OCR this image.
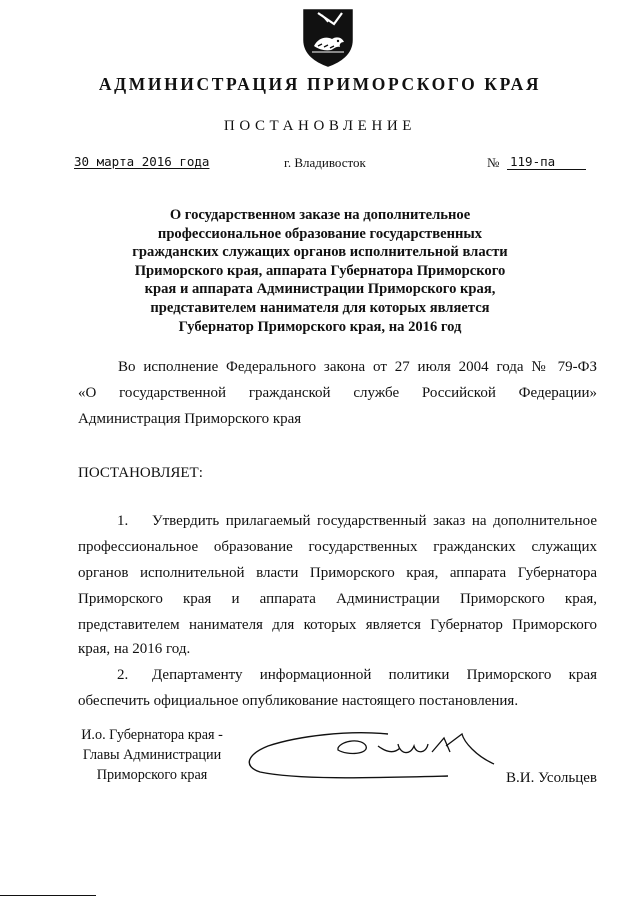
АДМИНИСТРАЦИЯ ПРИМОРСКОГО КРАЯ
ПОСТАНОВЛЕНИЕ
30 марта 2016 года	г. Владивосток	№ 119-па
О государственном заказе на дополнительное
профессиональное образование государственных
гражданских служащих органов исполнительной власти
Приморского края, аппарата Губернатора Приморского
края и аппарата Администрации Приморского края,
представителем нанимателя для которых является
Губернатор Приморского края, на 2016 год
Во исполнение Федерального закона от 27 июля 2004 года № 79-ФЗ
«О государственной гражданской службе Российской Федерации»
Администрация Приморского края
ПОСТАНОВЛЯЕТ:
1. Утвердить прилагаемый государственный заказ на дополнительное
профессиональное образование государственных гражданских служащих
органов исполнительной власти Приморского края, аппарата Губернатора
Приморского края и аппарата Администрации Приморского края,
представителем нанимателя для которых является Губернатор Приморского
края, на 2016 год.
2. Департаменту информационной политики Приморского края
обеспечить официальное опубликование настоящего постановления.
И.о. Губернатора края -
Главы Администрации
Приморского края	В.И. Усольцев
